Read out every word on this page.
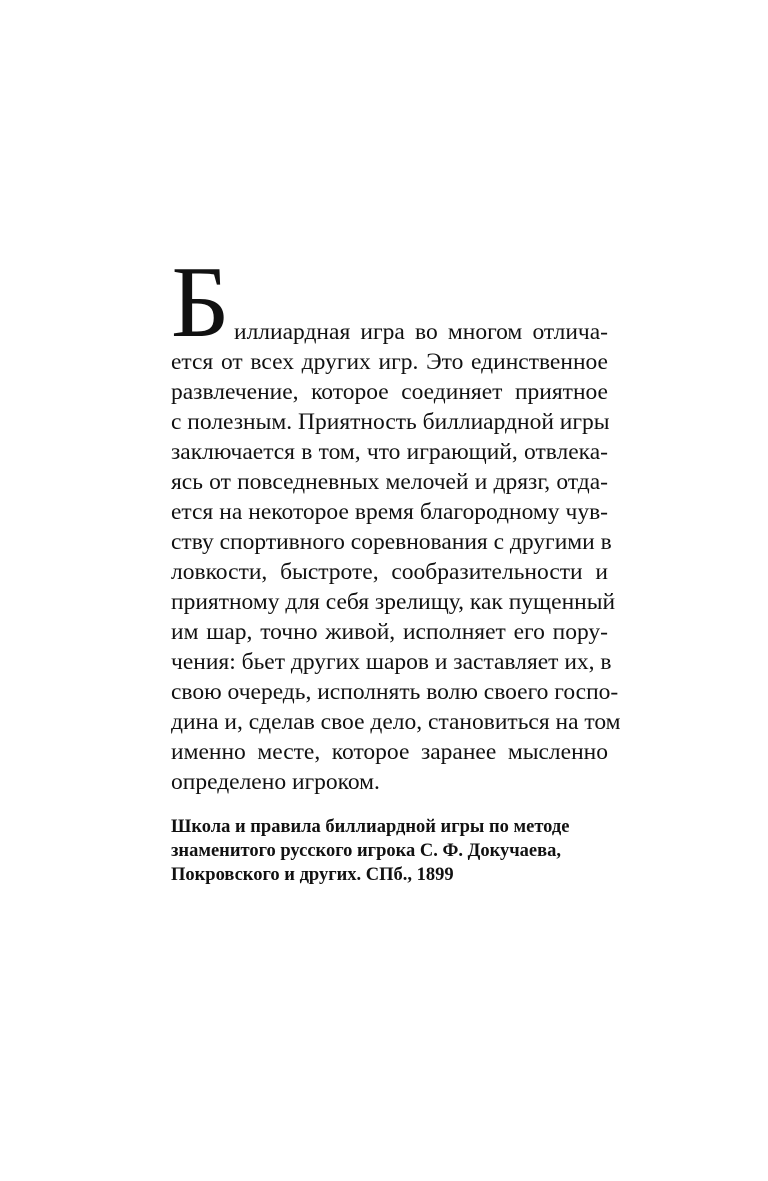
Б иллиардная игра во многом отлича-
ется от всех других игр. Это единственное
развлечение, которое соединяет приятное
с полезным. Приятность биллиардной игры
заключается в том, что играющий, отвлека-
ясь от повседневных мелочей и дрязг, отда-
ется на некоторое время благородному чув-
ству спортивного соревнования с другими в
ловкости, быстроте, сообразительности и
приятному для себя зрелищу, как пущенный
им шар, точно живой, исполняет его пору-
чения: бьет других шаров и заставляет их, в
свою очередь, исполнять волю своего госпо-
дина и, сделав свое дело, становиться на том
именно месте, которое заранее мысленно
определено игроком.
Школа и правила биллиардной игры по методе
знаменитого русского игрока С. Ф. Докучаева,
Покровского и других. СПб., 1899
